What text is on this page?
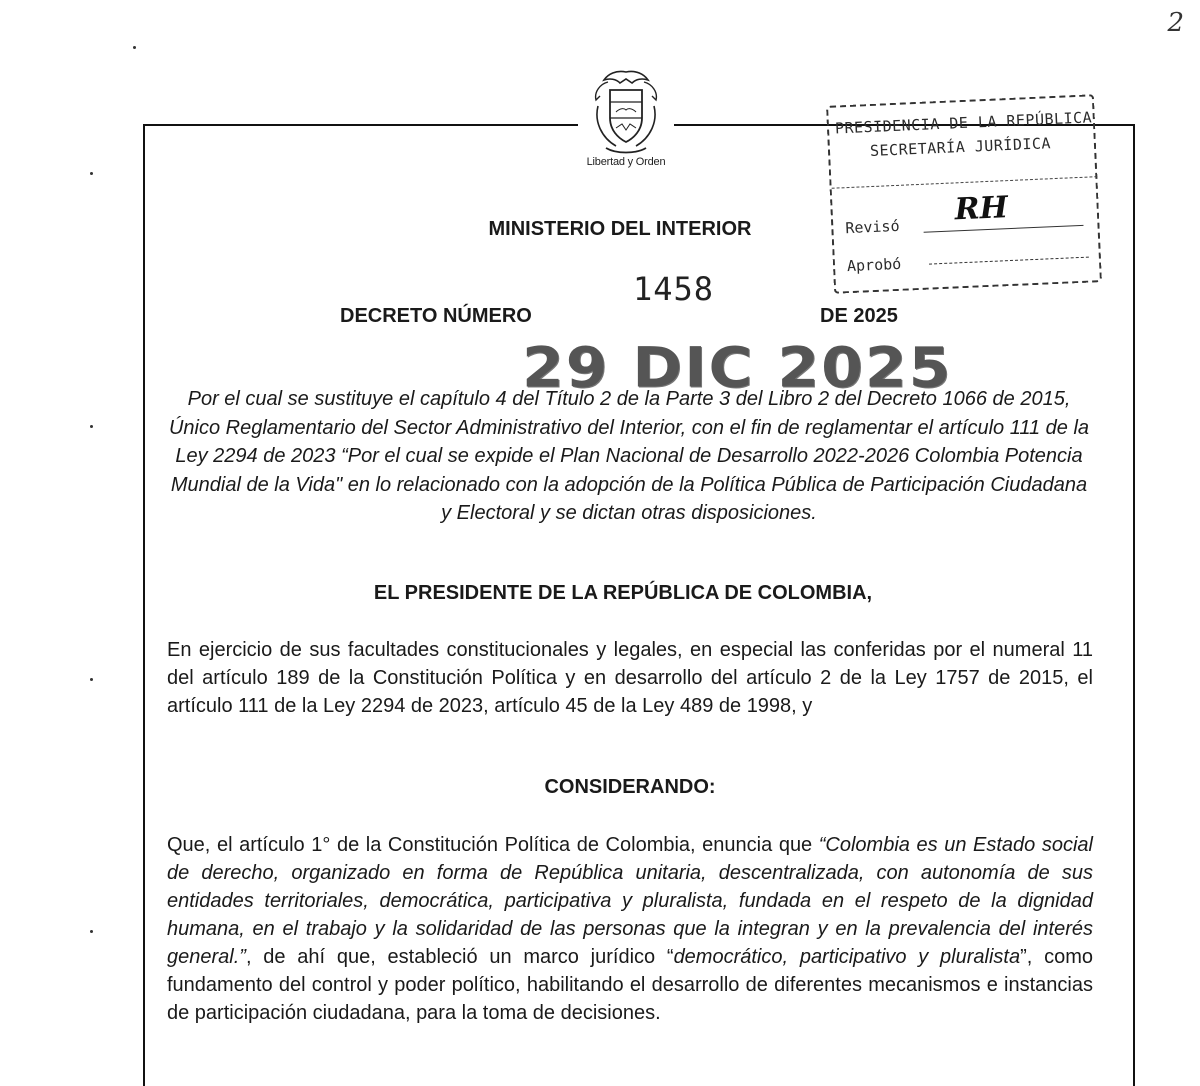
2
Libertad y Orden
PRESIDENCIA DE LA REPÚBLICA
SECRETARÍA JURÍDICA
Revisó RH
Aprobó
MINISTERIO DEL INTERIOR
DECRETO NÚMERO
1458
DE 2025
29 DIC 2025
Por el cual se sustituye el capítulo 4 del Título 2 de la Parte 3 del Libro 2 del Decreto 1066 de 2015, Único Reglamentario del Sector Administrativo del Interior, con el fin de reglamentar el artículo 111 de la Ley 2294 de 2023 “Por el cual se expide el Plan Nacional de Desarrollo 2022-2026 Colombia Potencia Mundial de la Vida" en lo relacionado con la adopción de la Política Pública de Participación Ciudadana y Electoral y se dictan otras disposiciones.
EL PRESIDENTE DE LA REPÚBLICA DE COLOMBIA,
En ejercicio de sus facultades constitucionales y legales, en especial las conferidas por el numeral 11 del artículo 189 de la Constitución Política y en desarrollo del artículo 2 de la Ley 1757 de 2015, el artículo 111 de la Ley 2294 de 2023, artículo 45 de la Ley 489 de 1998, y
CONSIDERANDO:
Que, el artículo 1° de la Constitución Política de Colombia, enuncia que “Colombia es un Estado social de derecho, organizado en forma de República unitaria, descentralizada, con autonomía de sus entidades territoriales, democrática, participativa y pluralista, fundada en el respeto de la dignidad humana, en el trabajo y la solidaridad de las personas que la integran y en la prevalencia del interés general.”, de ahí que, estableció un marco jurídico “democrático, participativo y pluralista”, como fundamento del control y poder político, habilitando el desarrollo de diferentes mecanismos e instancias de participación ciudadana, para la toma de decisiones.
